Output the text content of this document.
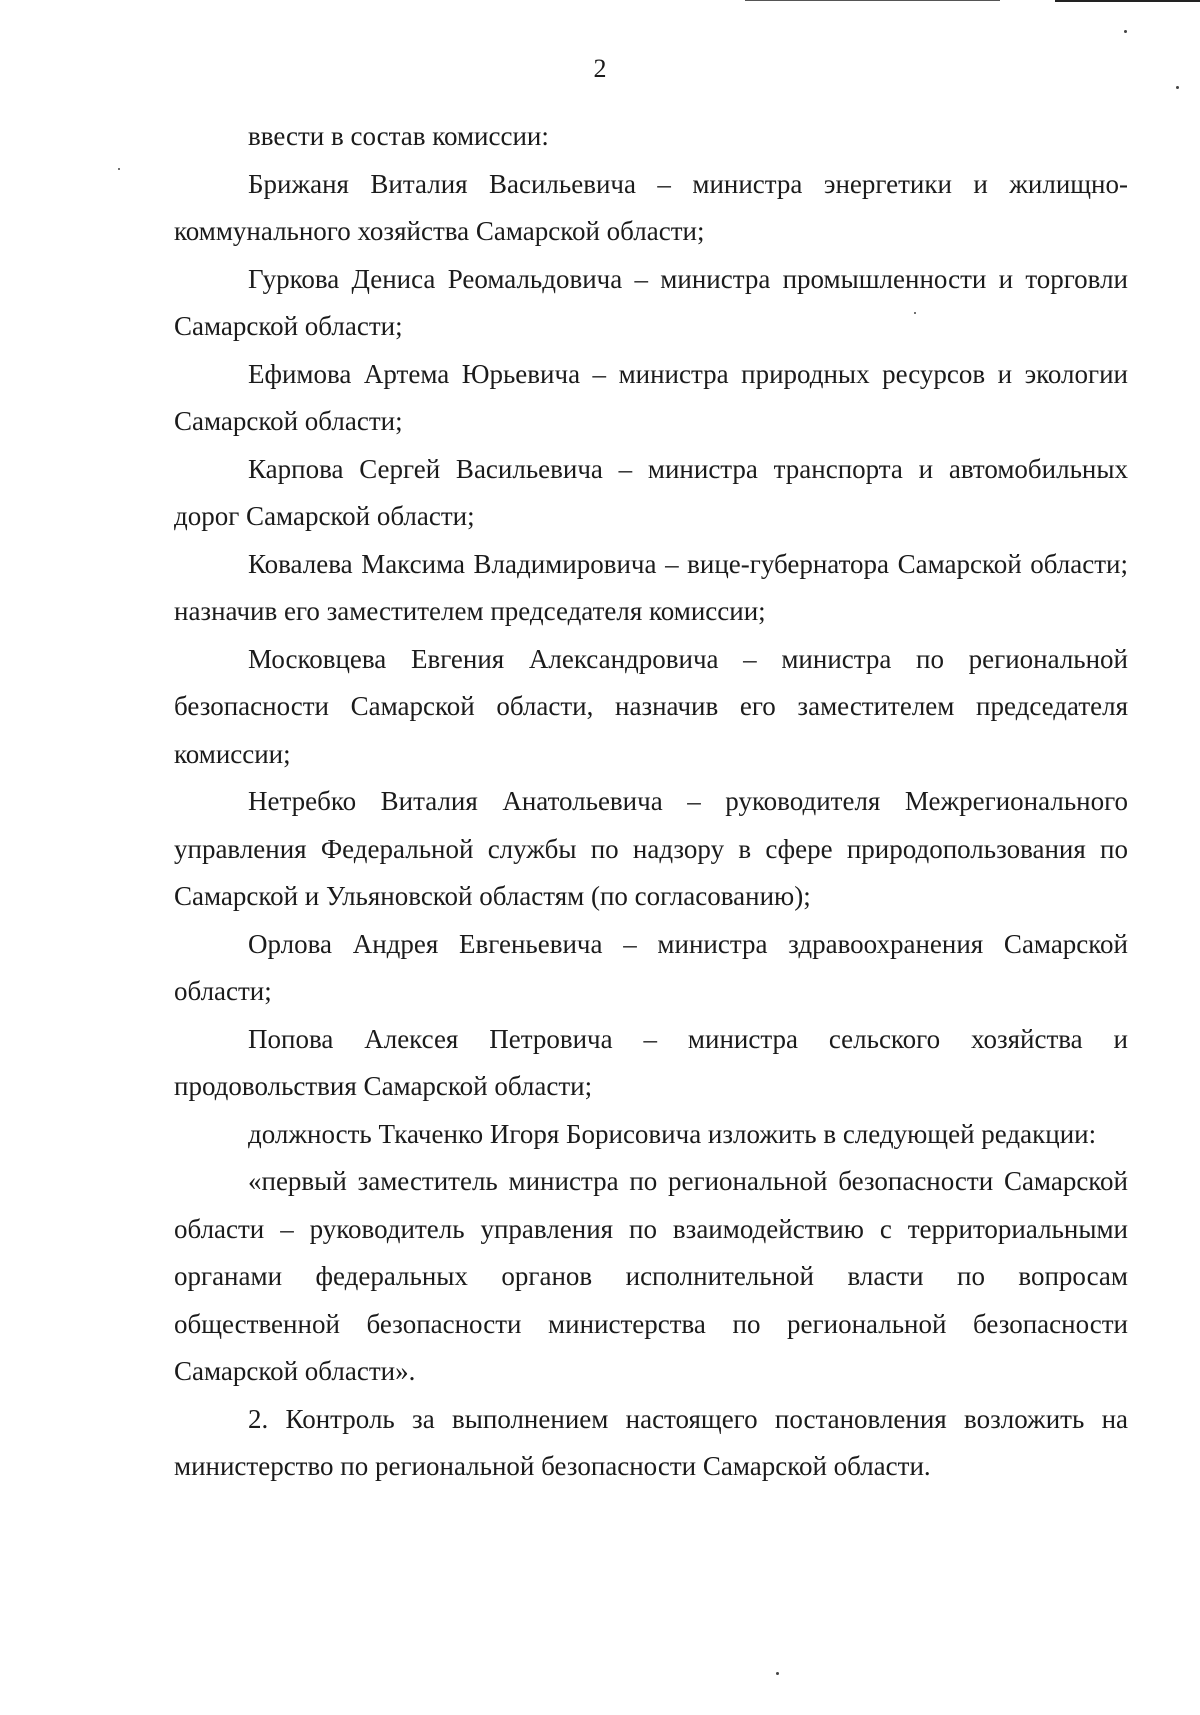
2

ввести в состав комиссии:

Брижаня Виталия Васильевича – министра энергетики и жилищно-коммунального хозяйства Самарской области;

Гуркова Дениса Реомальдовича – министра промышленности и торговли Самарской области;

Ефимова Артема Юрьевича – министра природных ресурсов и экологии Самарской области;

Карпова Сергей Васильевича – министра транспорта и автомобильных дорог Самарской области;

Ковалева Максима Владимировича – вице-губернатора Самарской области; назначив его заместителем председателя комиссии;

Московцева Евгения Александровича – министра по региональной безопасности Самарской области, назначив его заместителем председателя комиссии;

Нетребко Виталия Анатольевича – руководителя Межрегионального управления Федеральной службы по надзору в сфере природопользования по Самарской и Ульяновской областям (по согласованию);

Орлова Андрея Евгеньевича – министра здравоохранения Самарской области;

Попова Алексея Петровича – министра сельского хозяйства и продовольствия Самарской области;

должность Ткаченко Игоря Борисовича изложить в следующей редакции:

«первый заместитель министра по региональной безопасности Самарской области – руководитель управления по взаимодействию с территориальными органами федеральных органов исполнительной власти по вопросам общественной безопасности министерства по региональной безопасности Самарской области».

2. Контроль за выполнением настоящего постановления возложить на министерство по региональной безопасности Самарской области.
